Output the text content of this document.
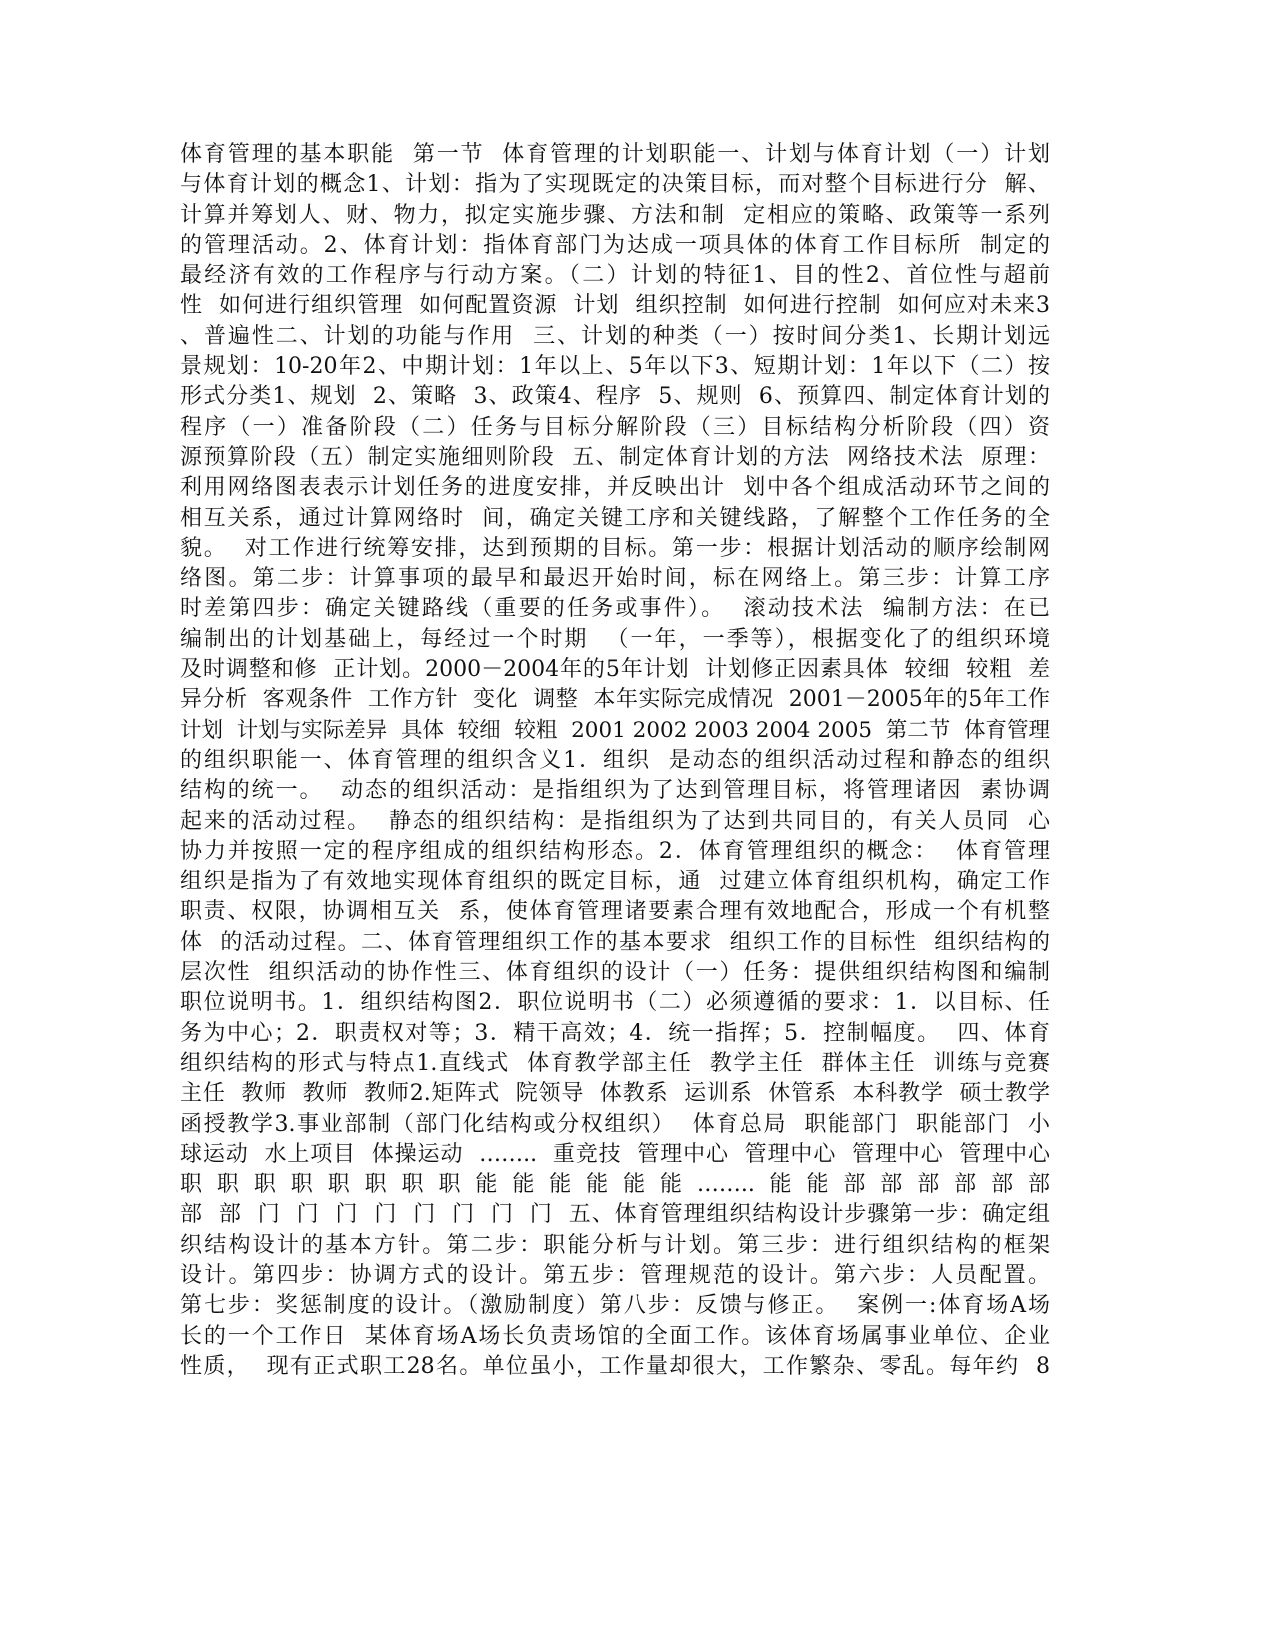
体育管理的基本职能  第一节  体育管理的计划职能一、计划与体育计划（一）计划
与体育计划的概念1、计划：指为了实现既定的决策目标，而对整个目标进行分  解、
计算并筹划人、财、物力，拟定实施步骤、方法和制  定相应的策略、政策等一系列
的管理活动。2、体育计划：指体育部门为达成一项具体的体育工作目标所  制定的
最经济有效的工作程序与行动方案。（二）计划的特征1、目的性2、首位性与超前
性  如何进行组织管理  如何配置资源  计划  组织控制  如何进行控制  如何应对未来3
、普遍性二、计划的功能与作用  三、计划的种类（一）按时间分类1、长期计划远
景规划：10-20年2、中期计划：1年以上、5年以下3、短期计划：1年以下（二）按
形式分类1、规划  2、策略  3、政策4、程序  5、规则  6、预算四、制定体育计划的
程序（一）准备阶段（二）任务与目标分解阶段（三）目标结构分析阶段（四）资
源预算阶段（五）制定实施细则阶段  五、制定体育计划的方法  网络技术法  原理：
利用网络图表表示计划任务的进度安排，并反映出计  划中各个组成活动环节之间的
相互关系，通过计算网络时  间，确定关键工序和关键线路，了解整个工作任务的全
貌。  对工作进行统筹安排，达到预期的目标。第一步：根据计划活动的顺序绘制网
络图。第二步：计算事项的最早和最迟开始时间，标在网络上。第三步：计算工序
时差第四步：确定关键路线（重要的任务或事件）。  滚动技术法  编制方法：在已
编制出的计划基础上，每经过一个时期  （一年，一季等），根据变化了的组织环境
及时调整和修  正计划。2000－2004年的5年计划  计划修正因素具体  较细  较粗  差
异分析  客观条件  工作方针  变化  调整  本年实际完成情况  2001－2005年的5年工作
计划  计划与实际差异  具体  较细  较粗  2001 2002 2003 2004 2005  第二节  体育管理
的组织职能一、体育管理的组织含义1．组织  是动态的组织活动过程和静态的组织
结构的统一。  动态的组织活动：是指组织为了达到管理目标，将管理诸因  素协调
起来的活动过程。  静态的组织结构：是指组织为了达到共同目的，有关人员同  心
协力并按照一定的程序组成的组织结构形态。2．体育管理组织的概念：  体育管理
组织是指为了有效地实现体育组织的既定目标，通  过建立体育组织机构，确定工作
职责、权限，协调相互关  系，使体育管理诸要素合理有效地配合，形成一个有机整
体  的活动过程。二、体育管理组织工作的基本要求  组织工作的目标性  组织结构的
层次性  组织活动的协作性三、体育组织的设计（一）任务：提供组织结构图和编制
职位说明书。1．组织结构图2．职位说明书（二）必须遵循的要求：1．以目标、任
务为中心；2．职责权对等；3．精干高效；4．统一指挥；5．控制幅度。  四、体育
组织结构的形式与特点1.直线式  体育教学部主任  教学主任  群体主任  训练与竞赛
主任  教师  教师  教师2.矩阵式  院领导  体教系  运训系  休管系  本科教学  硕士教学
函授教学3.事业部制（部门化结构或分权组织）  体育总局  职能部门  职能部门  小
球运动  水上项目  体操运动  ……..  重竞技  管理中心  管理中心  管理中心  管理中心
职  职  职  职  职  职  职  职  能  能  能  能  能  能  ……..  能  能  部  部  部  部  部  部
部  部  门  门  门  门  门  门  门  门  五、体育管理组织结构设计步骤第一步：确定组
织结构设计的基本方针。第二步：职能分析与计划。第三步：进行组织结构的框架
设计。第四步：协调方式的设计。第五步：管理规范的设计。第六步：人员配置。
第七步：奖惩制度的设计。（激励制度）第八步：反馈与修正。  案例一:体育场A场
长的一个工作日  某体育场A场长负责场馆的全面工作。该体育场属事业单位、企业
性质，  现有正式职工28名。单位虽小，工作量却很大，工作繁杂、零乱。每年约  8
